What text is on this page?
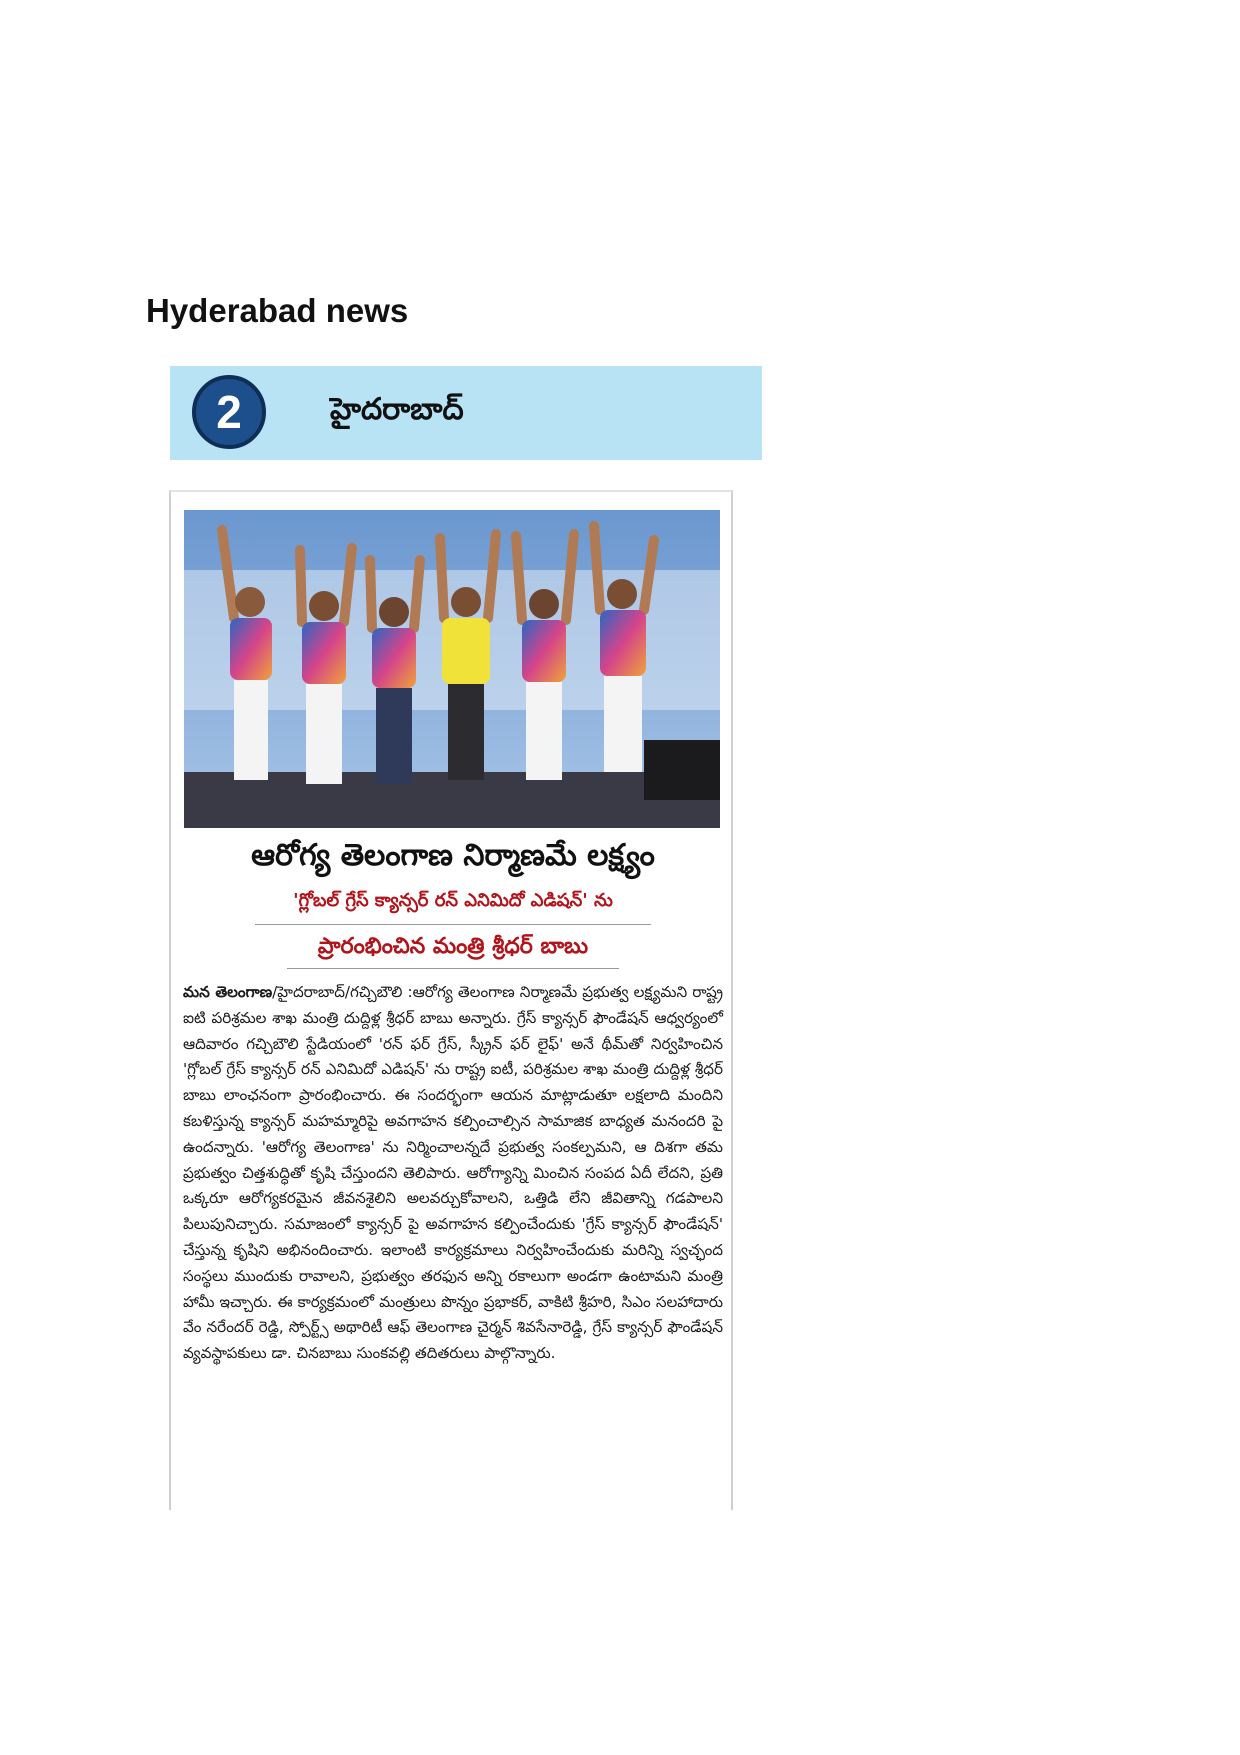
Hyderabad news
2	హైదరాబాద్
ఆరోగ్య తెలంగాణ నిర్మాణమే లక్ష్యం
'గ్లోబల్ గ్రేస్ క్యాన్సర్ రన్ ఎనిమిదో ఎడిషన్' ను
ప్రారంభించిన మంత్రి శ్రీధర్ బాబు

మన తెలంగాణ/హైదరాబాద్/గచ్చిబౌలి :ఆరోగ్య తెలంగాణ నిర్మాణమే ప్రభుత్వ లక్ష్యమని రాష్ట్ర ఐటి పరిశ్రమల శాఖ మంత్రి దుద్దిళ్ల శ్రీధర్ బాబు అన్నారు. గ్రేస్ క్యాన్సర్ ఫౌండేషన్ ఆధ్వర్యంలో ఆదివారం గచ్చిబౌలి స్టేడియంలో 'రన్ ఫర్ గ్రేస్, స్క్రీన్ ఫర్ లైఫ్' అనే థీమ్‌తో నిర్వహించిన 'గ్లోబల్ గ్రేస్ క్యాన్సర్ రన్ ఎనిమిదో ఎడిషన్' ను రాష్ట్ర ఐటీ, పరిశ్రమల శాఖ మంత్రి దుద్దిళ్ల శ్రీధర్ బాబు లాంఛనంగా ప్రారంభించారు. ఈ సందర్భంగా ఆయన మాట్లాడుతూ లక్షలాది మందిని కబళిస్తున్న క్యాన్సర్ మహమ్మారిపై అవగాహన కల్పించాల్సిన సామాజిక బాధ్యత మనందరి పై ఉందన్నారు. 'ఆరోగ్య తెలంగాణ' ను నిర్మించాలన్నదే ప్రభుత్వ సంకల్పమని, ఆ దిశగా తమ ప్రభుత్వం చిత్తశుద్ధితో కృషి చేస్తుందని తెలిపారు. ఆరోగ్యాన్ని మించిన సంపద ఏదీ లేదని, ప్రతి ఒక్కరూ ఆరోగ్యకరమైన జీవనశైలిని అలవర్చుకోవాలని, ఒత్తిడి లేని జీవితాన్ని గడపాలని పిలుపునిచ్చారు. సమాజంలో క్యాన్సర్ పై అవగాహన కల్పించేందుకు 'గ్రేస్ క్యాన్సర్ ఫౌండేషన్' చేస్తున్న కృషిని అభినందించారు. ఇలాంటి కార్యక్రమాలు నిర్వహించేందుకు మరిన్ని స్వచ్ఛంద సంస్థలు ముందుకు రావాలని, ప్రభుత్వం తరఫున అన్ని రకాలుగా అండగా ఉంటామని మంత్రి హామీ ఇచ్చారు. ఈ కార్యక్రమంలో మంత్రులు పొన్నం ప్రభాకర్, వాకిటి శ్రీహరి, సిఎం సలహాదారు వేం నరేందర్ రెడ్డి, స్పోర్ట్స్ అథారిటీ ఆఫ్ తెలంగాణ చైర్మన్ శివసేనారెడ్డి, గ్రేస్ క్యాన్సర్ ఫౌండేషన్ వ్యవస్థాపకులు డా. చినబాబు సుంకవల్లి తదితరులు పాల్గొన్నారు.
